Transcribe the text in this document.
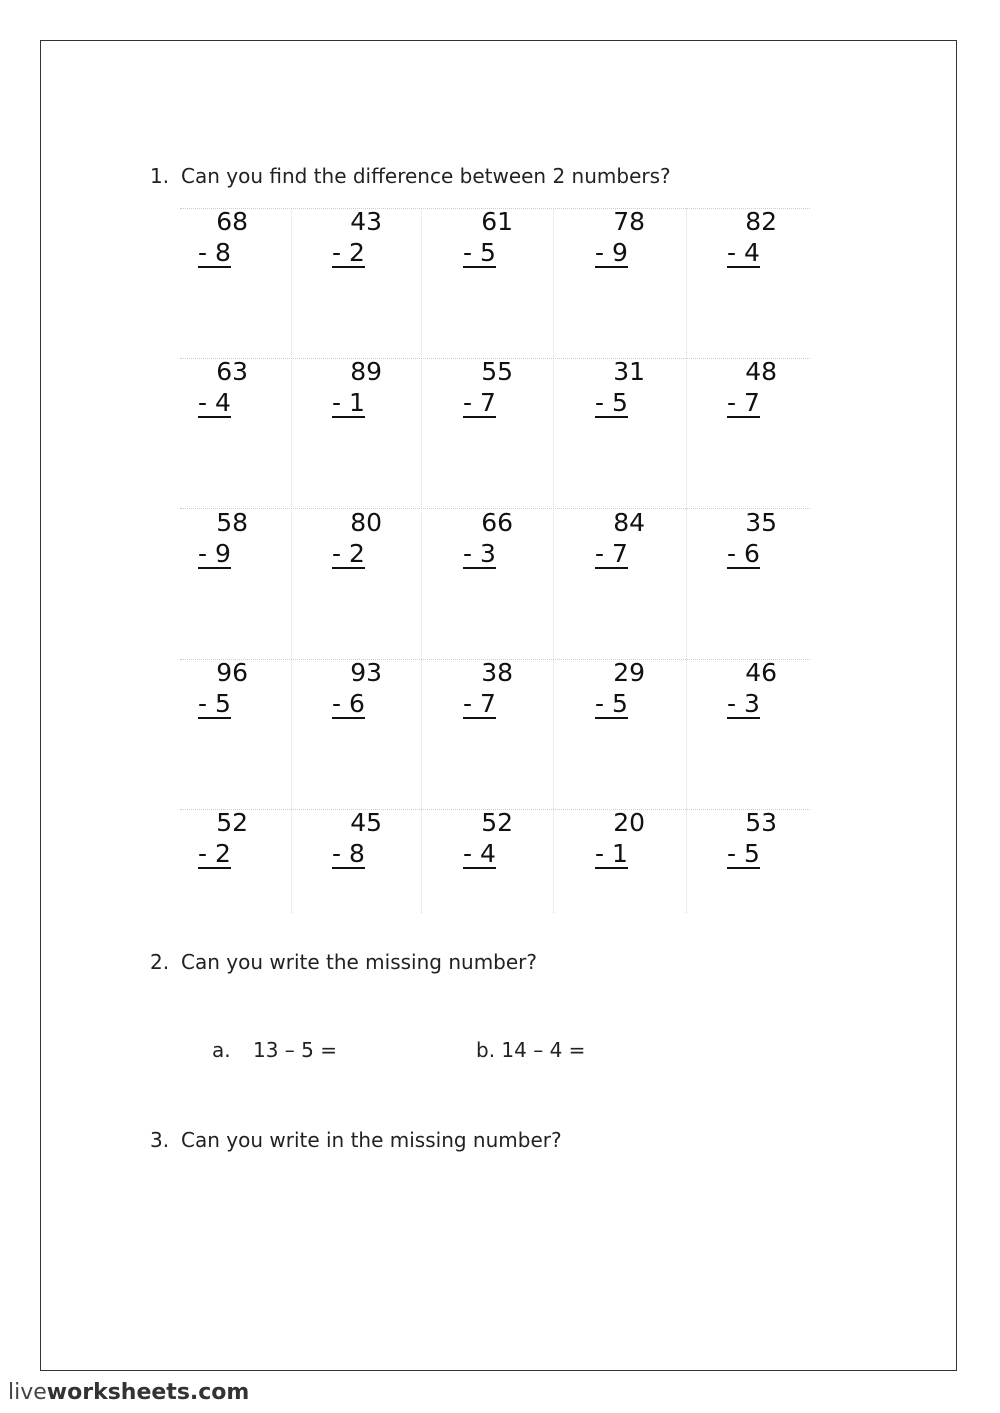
1. Can you find the difference between 2 numbers?
68
- 8
43
- 2
61
- 5
78
- 9
82
- 4
63
- 4
89
- 1
55
- 7
31
- 5
48
- 7
58
- 9
80
- 2
66
- 3
84
- 7
35
- 6
96
- 5
93
- 6
38
- 7
29
- 5
46
- 3
52
- 2
45
- 8
52
- 4
20
- 1
53
- 5
2. Can you write the missing number?
a. 13 – 5 =	b. 14 – 4 =
3. Can you write in the missing number?
liveworksheets.com
